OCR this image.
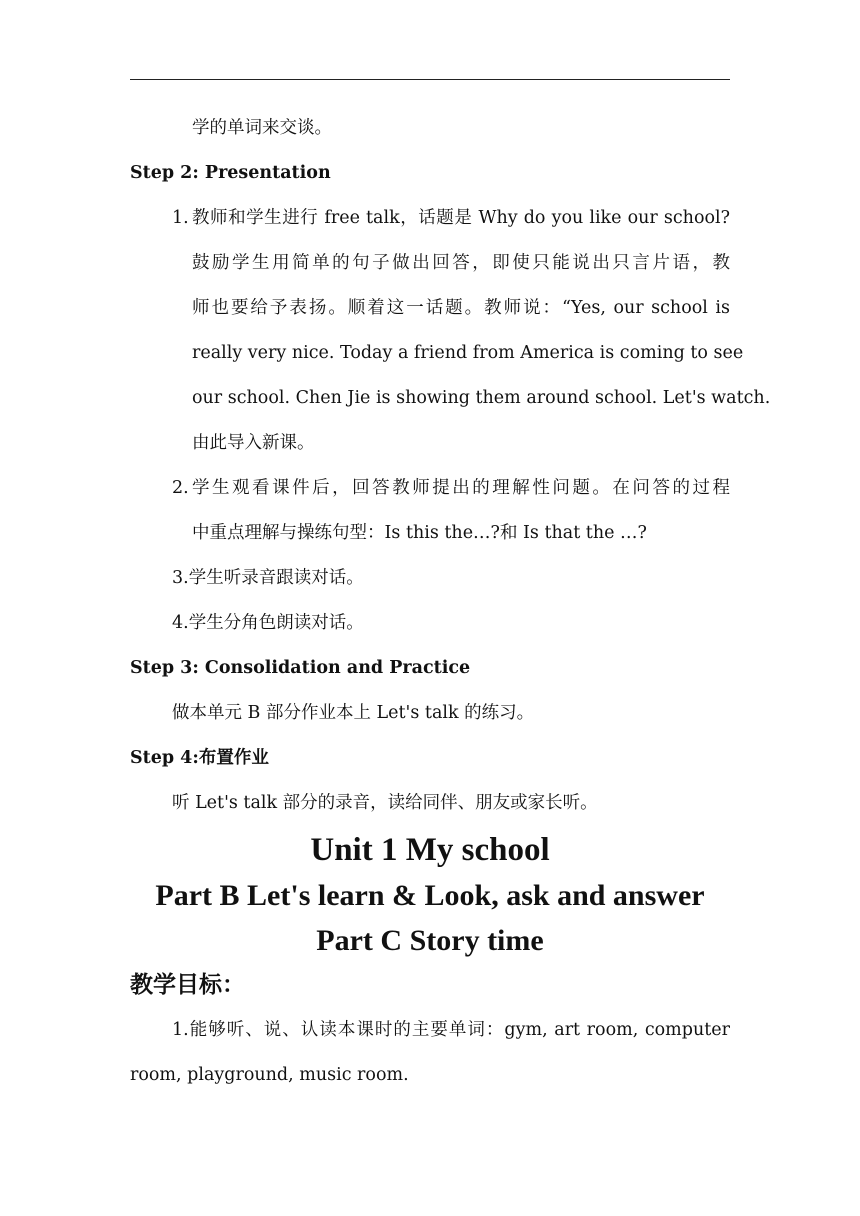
学的单词来交谈。
Step 2: Presentation
1. 教师和学生进行 free talk，话题是 Why do you like our school?
鼓励学生用简单的句子做出回答，即使只能说出只言片语，教
师也要给予表扬。顺着这一话题。教师说：“Yes, our school is
really very nice. Today a friend from America is coming to see
our school. Chen Jie is showing them around school. Let's watch.
由此导入新课。
2. 学生观看课件后，回答教师提出的理解性问题。在问答的过程
中重点理解与操练句型：Is this the…?和 Is that the …?
3.学生听录音跟读对话。
4.学生分角色朗读对话。
Step 3: Consolidation and Practice
做本单元 B 部分作业本上 Let's talk 的练习。
Step 4:布置作业
听 Let's talk 部分的录音，读给同伴、朋友或家长听。
Unit 1 My school
Part B Let's learn & Look, ask and answer
Part C Story time
教学目标：
1.能够听、说、认读本课时的主要单词：gym, art room, computer
room, playground, music room.
